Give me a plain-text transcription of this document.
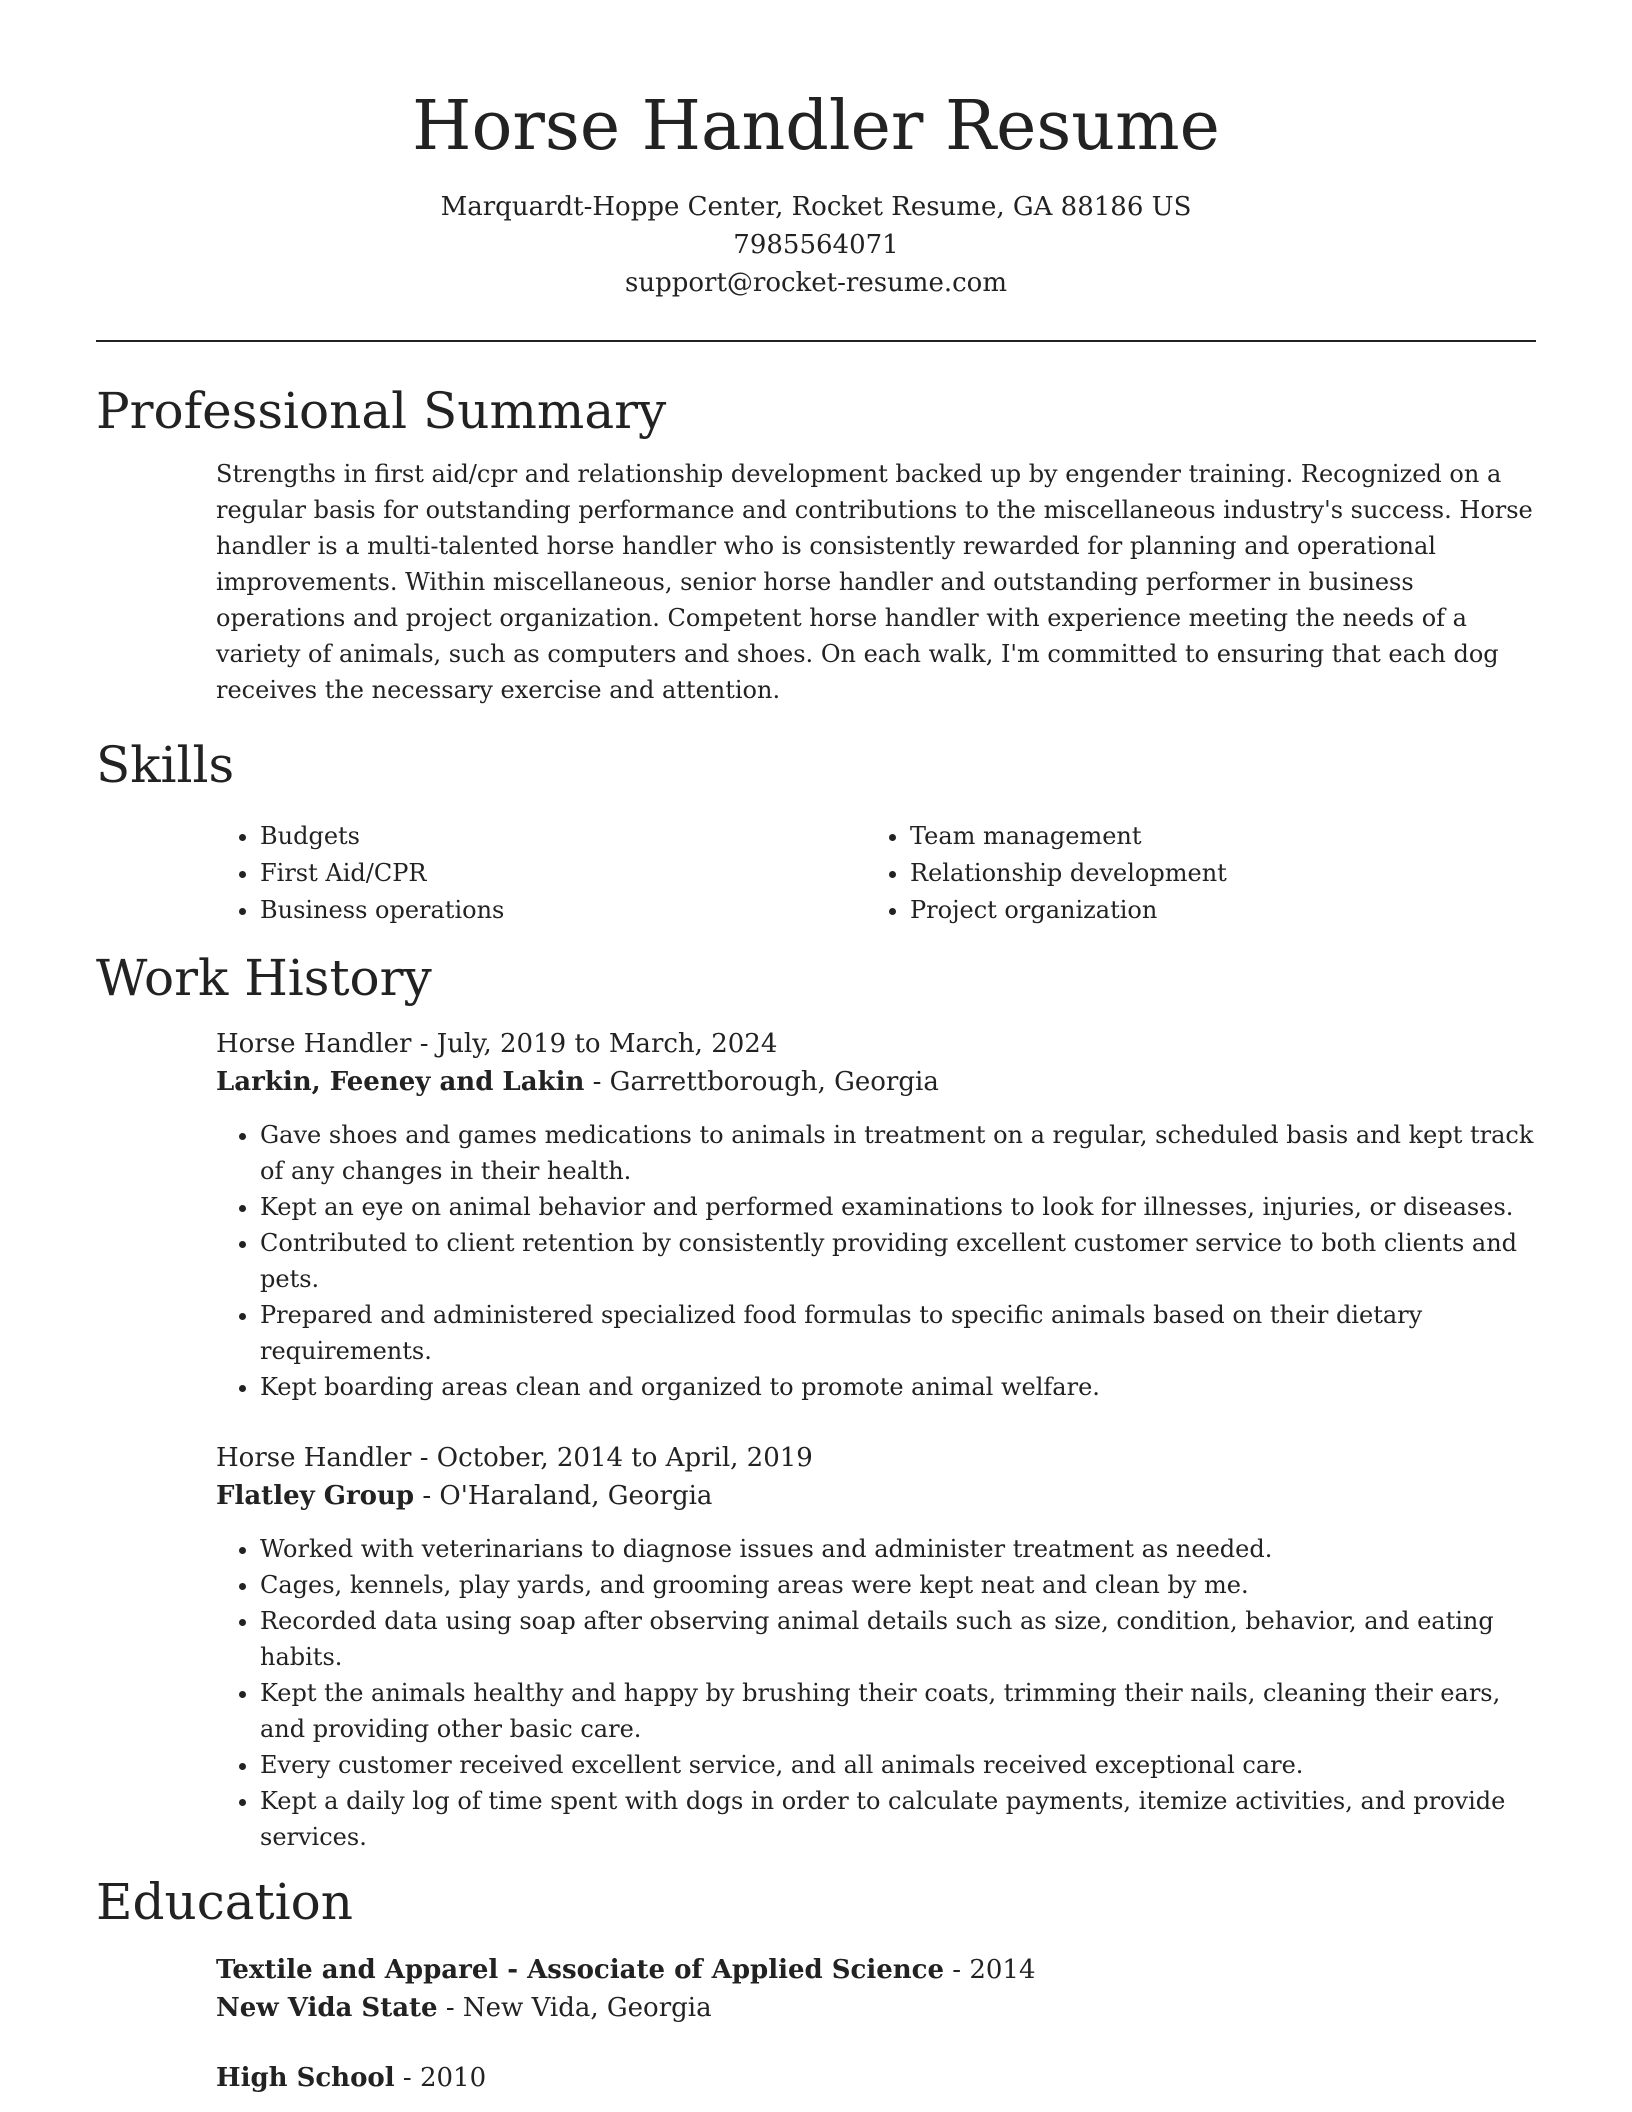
Horse Handler Resume

Marquardt-Hoppe Center, Rocket Resume, GA 88186 US

7985564071

support@rocket-resume.com

Professional Summary

Strengths in first aid/cpr and relationship development backed up by engender training. Recognized on a regular basis for outstanding performance and contributions to the miscellaneous industry's success. Horse handler is a multi-talented horse handler who is consistently rewarded for planning and operational improvements. Within miscellaneous, senior horse handler and outstanding performer in business operations and project organization. Competent horse handler with experience meeting the needs of a variety of animals, such as computers and shoes. On each walk, I'm committed to ensuring that each dog receives the necessary exercise and attention.

Skills
• Budgets
• First Aid/CPR
• Business operations
• Team management
• Relationship development
• Project organization
Work History
Horse Handler - July, 2019 to March, 2024
Larkin, Feeney and Lakin - Garrettborough, Georgia
• Gave shoes and games medications to animals in treatment on a regular, scheduled basis and kept track of any changes in their health.
• Kept an eye on animal behavior and performed examinations to look for illnesses, injuries, or diseases.
• Contributed to client retention by consistently providing excellent customer service to both clients and pets.
• Prepared and administered specialized food formulas to specific animals based on their dietary requirements.
• Kept boarding areas clean and organized to promote animal welfare.
Horse Handler - October, 2014 to April, 2019
Flatley Group - O'Haraland, Georgia
• Worked with veterinarians to diagnose issues and administer treatment as needed.
• Cages, kennels, play yards, and grooming areas were kept neat and clean by me.
• Recorded data using soap after observing animal details such as size, condition, behavior, and eating habits.
• Kept the animals healthy and happy by brushing their coats, trimming their nails, cleaning their ears, and providing other basic care.
• Every customer received excellent service, and all animals received exceptional care.
• Kept a daily log of time spent with dogs in order to calculate payments, itemize activities, and provide services.
Education
Textile and Apparel - Associate of Applied Science - 2014
New Vida State - New Vida, Georgia
High School - 2010
